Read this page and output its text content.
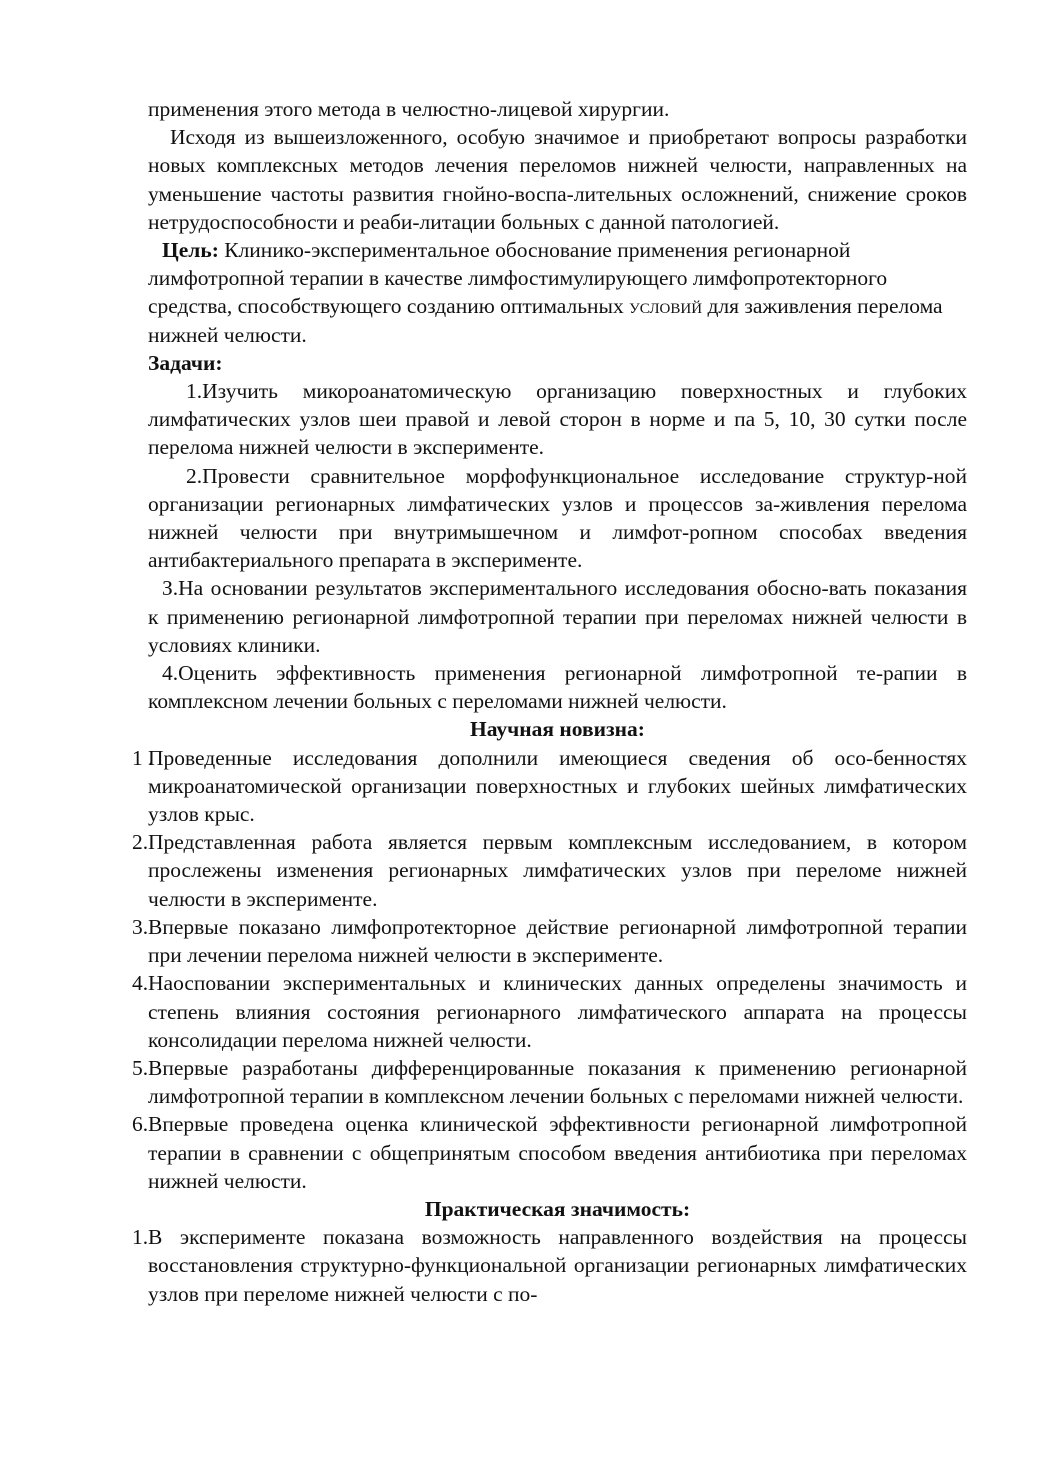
применения этого метода в челюстно-лицевой хирургии.

Исходя из вышеизложенного, особую значимое и приобретают вопросы разработки новых комплексных методов лечения переломов нижней челюсти, направленных на уменьшение частоты развития гнойно-воспа-лительных осложнений, снижение сроков нетрудоспособности и реаби-литации больных с данной патологией.

Цель: Клинико-экспериментальное обоснование применения регионарной лимфотропной терапии в качестве лимфостимулирующего лимфопротекторного средства, способствующего созданию оптимальных условий для заживления перелома нижней челюсти.

Задачи:

1.Изучить микороанатомическую организацию поверхностных и глубоких лимфатических узлов шеи правой и левой сторон в норме и па 5, 10, 30 сутки после перелома нижней челюсти в эксперименте.

2.Провести сравнительное морфофункциональное исследование структур-ной организации регионарных лимфатических узлов и процессов за-живления перелома нижней челюсти при внутримышечном и лимфот-ропном способах введения антибактериального препарата в эксперименте.

З.На основании результатов экспериментального исследования обосно-вать показания к применению регионарной лимфотропной терапии при переломах нижней челюсти в условиях клиники.

4.Оценить эффективность применения регионарной лимфотропной те-рапии в комплексном лечении больных с переломами нижней челюсти.

Научная новизна:

1 .
Проведенные исследования дополнили имеющиеся сведения об осо-бенностях микроанатомической организации поверхностных и глубоких шейных лимфатических узлов крыс.
2. Представленная работа является первым комплексным исследованием, в котором прослежены изменения регионарных лимфатических узлов при переломе нижней челюсти в эксперименте.
3. Впервые показано лимфопротекторное действие регионарной лимфотропной терапии при лечении перелома нижней челюсти в эксперименте.
4. Наосповании экспериментальных и клинических данных определены значимость и степень влияния состояния регионарного лимфатического аппарата на процессы консолидации перелома нижней челюсти.
5. Впервые разработаны дифференцированные показания к применению регионарной лимфотропной терапии в комплексном лечении больных с переломами нижней челюсти.
6. Впервые проведена оценка клинической эффективности регионарной лимфотропной терапии в сравнении с общепринятым способом введения антибиотика при переломах нижней челюсти.

Практическая значимость:

1. В эксперименте показана возможность направленного воздействия на процессы восстановления структурно-функциональной организации регионарных лимфатических узлов при переломе нижней челюсти с по-
